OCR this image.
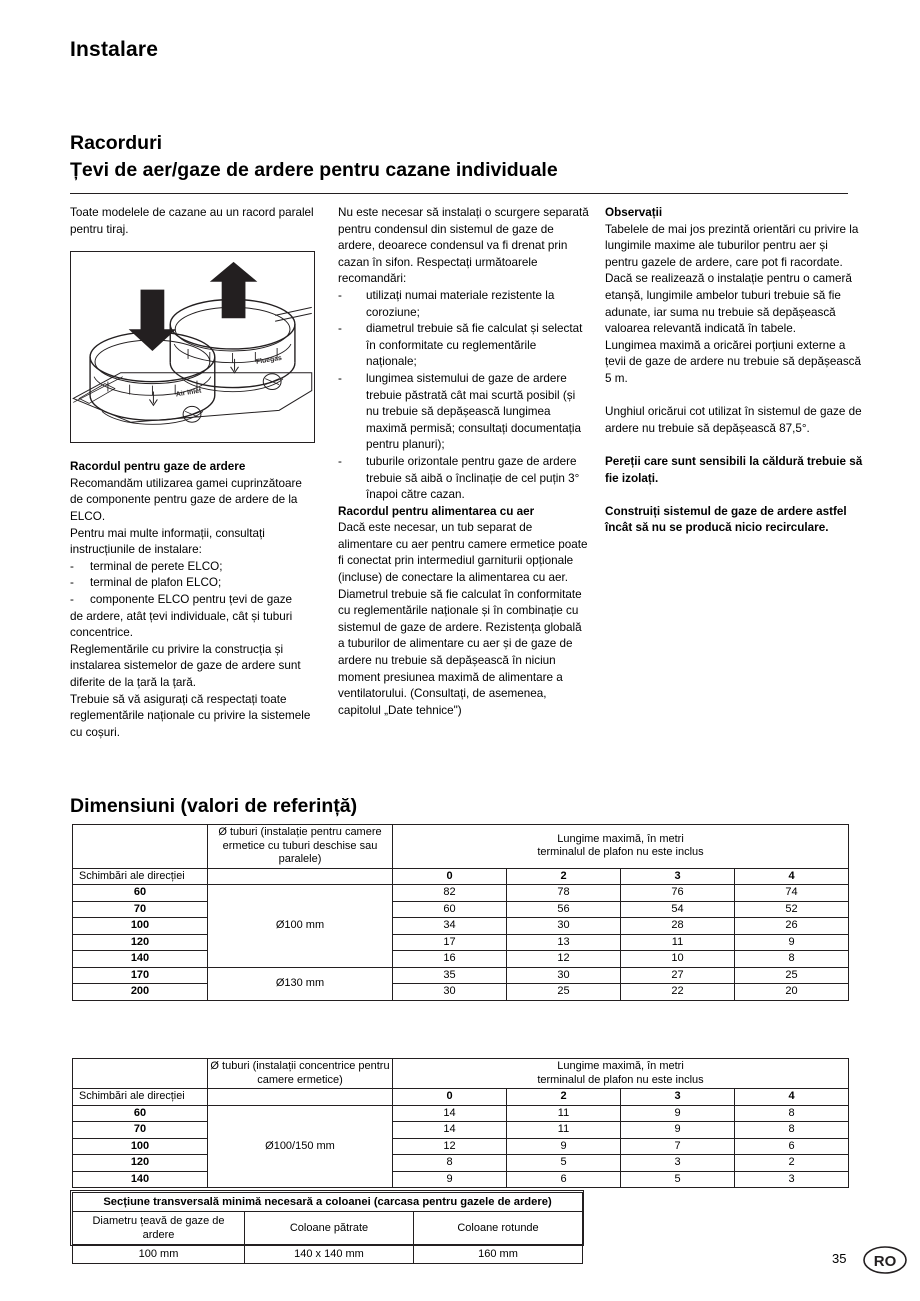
Instalare
Racorduri
Țevi de aer/gaze de ardere pentru cazane individuale
Toate modelele de cazane au un racord paralel pentru tiraj.
Air Inlet
Fluegas
Racordul pentru gaze de ardere
Recomandăm utilizarea gamei cuprinzătoare de componente pentru gaze de ardere de la ELCO.
Pentru mai multe informații, consultați instrucțiunile de instalare:
- terminal de perete ELCO;
- terminal de plafon ELCO;
- componente ELCO pentru țevi de gaze
de ardere, atât țevi individuale, cât și tuburi concentrice.
Reglementările cu privire la construcția și instalarea sistemelor de gaze de ardere sunt diferite de la țară la țară.
Trebuie să vă asigurați că respectați toate reglementările naționale cu privire la sistemele cu coșuri.
Nu este necesar să instalați o scurgere separată pentru condensul din sistemul de gaze de ardere, deoarece condensul va fi drenat prin cazan în sifon. Respectați următoarele recomandări:
- utilizați numai materiale rezistente la coroziune;
- diametrul trebuie să fie calculat și selectat în conformitate cu reglementările naționale;
- lungimea sistemului de gaze de ardere trebuie păstrată cât mai scurtă posibil (și nu trebuie să depășească lungimea maximă permisă; consultați documentația pentru planuri);
- tuburile orizontale pentru gaze de ardere trebuie să aibă o înclinație de cel puțin 3° înapoi către cazan.
Racordul pentru alimentarea cu aer
Dacă este necesar, un tub separat de alimentare cu aer pentru camere ermetice poate fi conectat prin intermediul garniturii opționale (incluse) de conectare la alimentarea cu aer. Diametrul trebuie să fie calculat în conformitate cu reglementările naționale și în combinație cu sistemul de gaze de ardere. Rezistența globală a tuburilor de alimentare cu aer și de gaze de ardere nu trebuie să depășească în niciun moment presiunea maximă de alimentare a ventilatorului. (Consultați, de asemenea, capitolul „Date tehnice")
Observații
Tabelele de mai jos prezintă orientări cu privire la lungimile maxime ale tuburilor pentru aer și pentru gazele de ardere, care pot fi racordate. Dacă se realizează o instalație pentru o cameră etanșă, lungimile ambelor tuburi trebuie să fie adunate, iar suma nu trebuie să depășească valoarea relevantă indicată în tabele.
Lungimea maximă a oricărei porțiuni externe a țevii de gaze de ardere nu trebuie să depășească 5 m.
Unghiul oricărui cot utilizat în sistemul de gaze de ardere nu trebuie să depășească 87,5°.
Pereții care sunt sensibili la căldură trebuie să fie izolați.
Construiți sistemul de gaze de ardere astfel încât să nu se producă nicio recirculare.
Dimensiuni (valori de referință)
	Ø tuburi (instalație pentru camere ermetice cu tuburi deschise sau paralele)	Lungime maximă, în metri
terminalul de plafon nu este inclus			

Schimbări ale direcției		0	2	3	4
60	Ø100 mm	82	78	76	74
70		60	56	54	52
100		34	30	28	26
120		17	13	11	9
140		16	12	10	8
170	Ø130 mm	35	30	27	25
200		30	25	22	20
	Ø tuburi (instalații concentrice pentru camere ermetice)	Lungime maximă, în metri
terminalul de plafon nu este inclus			

Schimbări ale direcției		0	2	3	4
60	Ø100/150 mm	14	11	9	8
70		14	11	9	8
100		12	9	7	6
120		8	5	3	2
140		9	6	5	3
Secțiune transversală minimă necesară a coloanei (carcasa pentru gazele de ardere)		
Diametru țeavă de gaze de ardere	Coloane pătrate	Coloane rotunde
100 mm	140 x 140 mm	160 mm	35 RO
